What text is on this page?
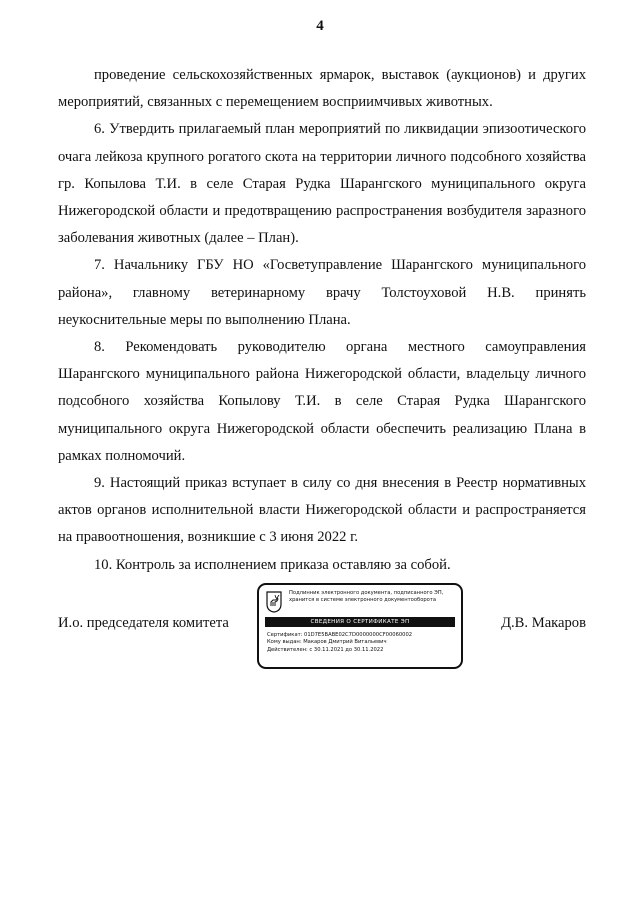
4

проведение сельскохозяйственных ярмарок, выставок (аукционов) и других мероприятий, связанных с перемещением восприимчивых животных.

6. Утвердить прилагаемый план мероприятий по ликвидации эпизоотического очага лейкоза крупного рогатого скота на территории личного подсобного хозяйства гр. Копылова Т.И. в селе Старая Рудка Шарангского муниципального округа Нижегородской области и предотвращению распространения возбудителя заразного заболевания животных (далее – План).

7. Начальнику ГБУ НО «Госветуправление Шарангского муниципального района», главному ветеринарному врачу Толстоуховой Н.В. принять неукоснительные меры по выполнению Плана.

8. Рекомендовать руководителю органа местного самоуправления Шарангского муниципального района Нижегородской области, владельцу личного подсобного хозяйства Копылову Т.И. в селе Старая Рудка Шарангского муниципального округа Нижегородской области обеспечить реализацию Плана в рамках полномочий.

9. Настоящий приказ вступает в силу со дня внесения в Реестр нормативных актов органов исполнительной власти Нижегородской области и распространяется на правоотношения, возникшие с 3 июня 2022 г.

10. Контроль за исполнением приказа оставляю за собой.

И.о. председателя комитета
Подлинник электронного документа, подписанного ЭП, хранится в системе электронного документооборота
СВЕДЕНИЯ О СЕРТИФИКАТЕ ЭП
Сертификат: 01D7E5BABE02C7D0000000CF00060002
Кому выдан: Макаров Дмитрий Витальевич
Действителен: с 30.11.2021 до 30.11.2022
Д.В. Макаров
